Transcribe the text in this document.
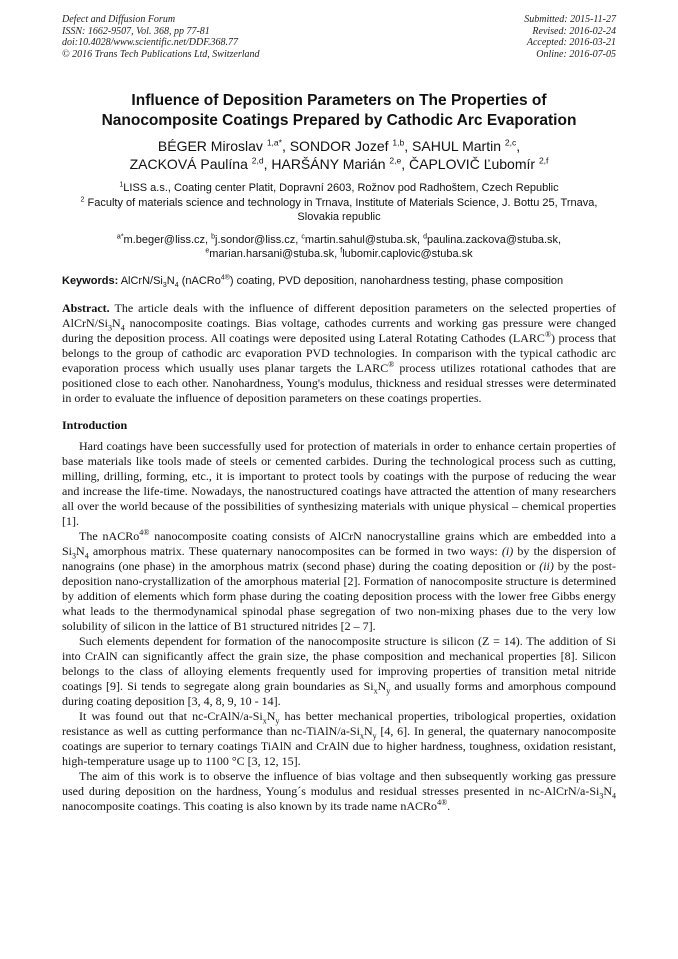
Defect and Diffusion Forum
ISSN: 1662-9507, Vol. 368, pp 77-81
doi:10.4028/www.scientific.net/DDF.368.77
© 2016 Trans Tech Publications Ltd, Switzerland
Submitted: 2015-11-27
Revised: 2016-02-24
Accepted: 2016-03-21
Online: 2016-07-05
Influence of Deposition Parameters on The Properties of
Nanocomposite Coatings Prepared by Cathodic Arc Evaporation
BÉGER Miroslav $^{1,a*}$, SONDOR Jozef $^{1,b}$, SAHUL Martin $^{2,c}$,
ZACKOVÁ Paulína $^{2,d}$, HARŠÁNY Marián $^{2,e}$, ČAPLOVIČ Ľubomír $^{2,f}$
$^1$LISS a.s., Coating center Platit, Dopravní 2603, Rožnov pod Radhoštem, Czech Republic
$^2$ Faculty of materials science and technology in Trnava, Institute of Materials Science, J. Bottu 25, Trnava, Slovakia republic
$^{a*}$m.beger@liss.cz, $^b$j.sondor@liss.cz, $^c$martin.sahul@stuba.sk, $^d$paulina.zackova@stuba.sk,
$^e$marian.harsani@stuba.sk, $^f$lubomir.caplovic@stuba.sk
Keywords: AlCrN/$Si_3N_4$ (nACRo$^{4®}$) coating, PVD deposition, nanohardness testing, phase composition
Abstract. The article deals with the influence of different deposition parameters on the selected properties of AlCrN/$Si_3N_4$ nanocomposite coatings. Bias voltage, cathodes currents and working gas pressure were changed during the deposition process. All coatings were deposited using Lateral Rotating Cathodes (LARC®) process that belongs to the group of cathodic arc evaporation PVD technologies. In comparison with the typical cathodic arc evaporation process which usually uses planar targets the LARC® process utilizes rotational cathodes that are positioned close to each other. Nanohardness, Young's modulus, thickness and residual stresses were determinated in order to evaluate the influence of deposition parameters on these coatings properties.
Introduction
Hard coatings have been successfully used for protection of materials in order to enhance certain properties of base materials like tools made of steels or cemented carbides. During the technological process such as cutting, milling, drilling, forming, etc., it is important to protect tools by coatings with the purpose of reducing the wear and increase the life-time. Nowadays, the nanostructured coatings have attracted the attention of many researchers all over the world because of the possibilities of synthesizing materials with unique physical – chemical properties [1].
The nACRo$^{4®}$ nanocomposite coating consists of AlCrN nanocrystalline grains which are embedded into a $Si_3N_4$ amorphous matrix. These quaternary nanocomposites can be formed in two ways: (i) by the dispersion of nanograins (one phase) in the amorphous matrix (second phase) during the coating deposition or (ii) by the post-deposition nano-crystallization of the amorphous material [2]. Formation of nanocomposite structure is determined by addition of elements which form phase during the coating deposition process with the lower free Gibbs energy what leads to the thermodynamical spinodal phase segregation of two non-mixing phases due to the very low solubility of silicon in the lattice of B1 structured nitrides [2 – 7].
Such elements dependent for formation of the nanocomposite structure is silicon (Z = 14). The addition of Si into CrAlN can significantly affect the grain size, the phase composition and mechanical properties [8]. Silicon belongs to the class of alloying elements frequently used for improving properties of transition metal nitride coatings [9]. Si tends to segregate along grain boundaries as $Si_xN_y$ and usually forms and amorphous compound during coating deposition [3, 4, 8, 9, 10 - 14].
It was found out that $nc-CrAlN/a-Si_xN_y$ has better mechanical properties, tribological properties, oxidation resistance as well as cutting performance than $nc-TiAlN/a-Si_xN_y$ [4, 6]. In general, the quaternary nanocomposite coatings are superior to ternary coatings TiAlN and CrAlN due to higher hardness, toughness, oxidation resistant, high-temperature usage up to 1100 °C [3, 12, 15].
The aim of this work is to observe the influence of bias voltage and then subsequently working gas pressure used during deposition on the hardness, Young´s modulus and residual stresses presented in $nc-AlCrN/a-Si_3N_4$ nanocomposite coatings. This coating is also known by its trade name nACRo$^{4®}$.
